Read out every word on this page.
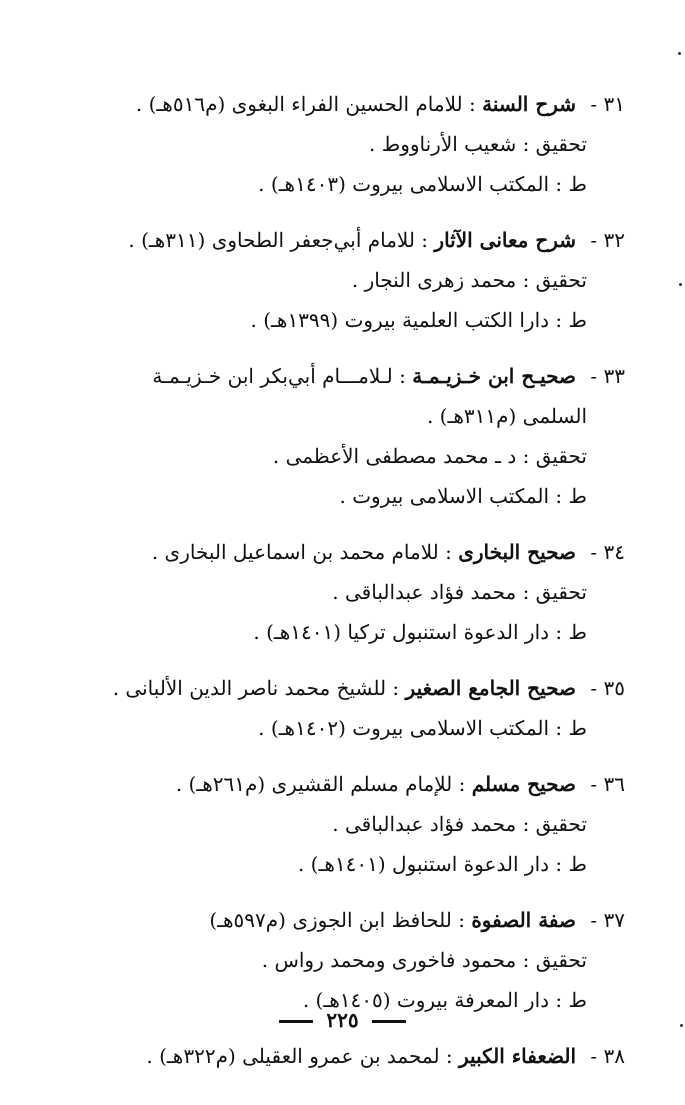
٣١ - شرح السنة : للامام الحسين الفراء البغوى (م٥١٦هـ) .
تحقيق : شعيب الأرناووط .
ط : المكتب الاسلامى بيروت (١٤٠٣هـ) .
٣٢ - شرح معانى الآثار : للامام أبي‌جعفر الطحاوى (٣١١هـ) .
تحقيق : محمد زهرى النجار .
ط : دارا الكتب العلمية بيروت (١٣٩٩هـ) .
٣٣ - صحيـح ابن خـزيـمـة : لـلامـــام أبي‌بكر ابن خـزيـمـة
السلمى (م٣١١هـ) .
تحقيق : د ـ محمد مصطفى الأعظمى .
ط : المكتب الاسلامى بيروت .
٣٤ - صحيح البخارى : للامام محمد بن اسماعيل البخارى .
تحقيق : محمد فؤاد عبدالباقى .
ط : دار الدعوة استنبول تركيا (١٤٠١هـ) .
٣٥ - صحيح الجامع الصغير : للشيخ محمد ناصر الدين الألبانى .
ط : المكتب الاسلامى بيروت (١٤٠٢هـ) .
٣٦ - صحيح مسلم : للإمام مسلم القشيرى (م٢٦١هـ) .
تحقيق : محمد فؤاد عبدالباقى .
ط : دار الدعوة استنبول (١٤٠١هـ) .
٣٧ - صفة الصفوة : للحافظ ابن الجوزى (م٥٩٧هـ)
تحقيق : محمود فاخورى ومحمد رواس .
ط : دار المعرفة بيروت (١٤٠٥هـ) .
٣٨ - الضعفاء الكبير : لمحمد بن عمرو العقيلى (م٣٢٢هـ) .
٢٢٥
